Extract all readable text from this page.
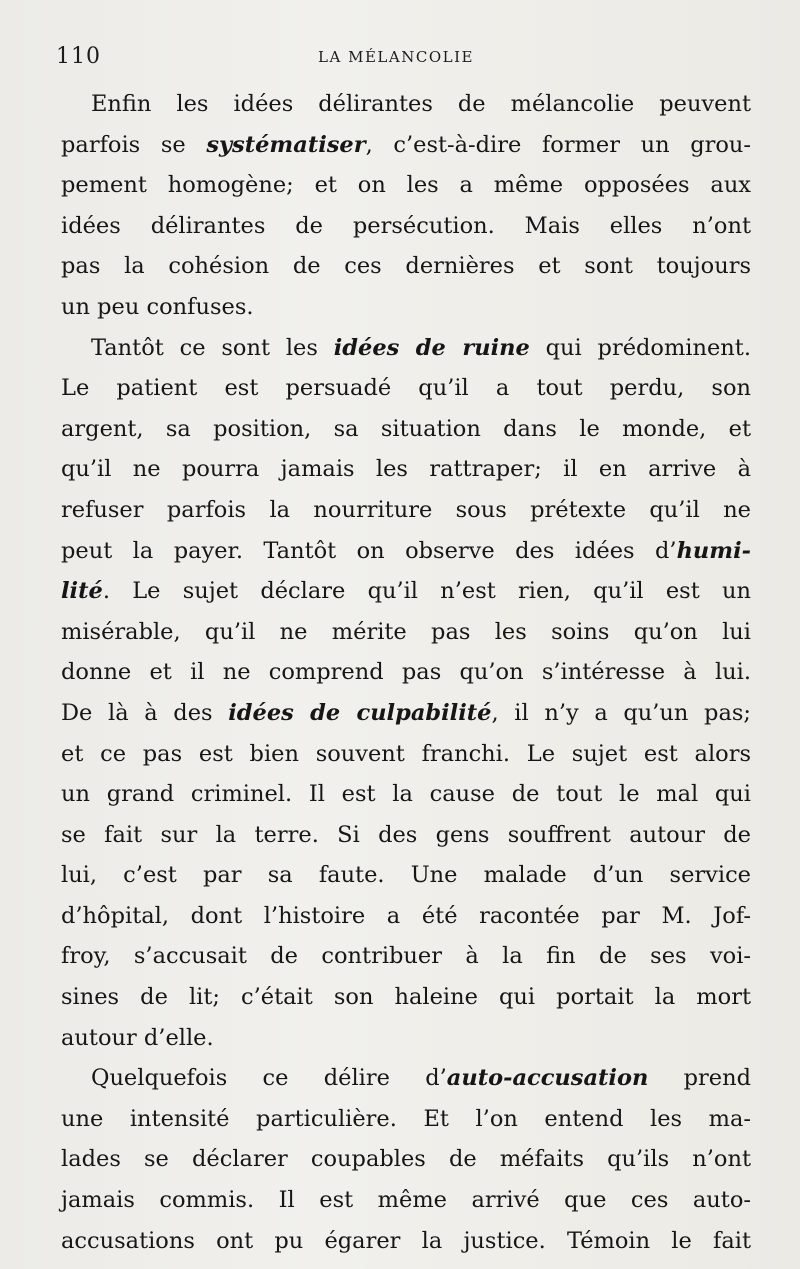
110	LA MÉLANCOLIE
Enfin les idées délirantes de mélancolie peuvent
parfois se systématiser, c’est-à-dire former un grou-
pement homogène; et on les a même opposées aux
idées délirantes de persécution. Mais elles n’ont
pas la cohésion de ces dernières et sont toujours
un peu confuses.
Tantôt ce sont les idées de ruine qui prédominent.
Le patient est persuadé qu’il a tout perdu, son
argent, sa position, sa situation dans le monde, et
qu’il ne pourra jamais les rattraper; il en arrive à
refuser parfois la nourriture sous prétexte qu’il ne
peut la payer. Tantôt on observe des idées d’humi-
lité. Le sujet déclare qu’il n’est rien, qu’il est un
misérable, qu’il ne mérite pas les soins qu’on lui
donne et il ne comprend pas qu’on s’intéresse à lui.
De là à des idées de culpabilité, il n’y a qu’un pas;
et ce pas est bien souvent franchi. Le sujet est alors
un grand criminel. Il est la cause de tout le mal qui
se fait sur la terre. Si des gens souffrent autour de
lui, c’est par sa faute. Une malade d’un service
d’hôpital, dont l’histoire a été racontée par M. Jof-
froy, s’accusait de contribuer à la fin de ses voi-
sines de lit; c’était son haleine qui portait la mort
autour d’elle.
Quelquefois ce délire d’auto-accusation prend
une intensité particulière. Et l’on entend les ma-
lades se déclarer coupables de méfaits qu’ils n’ont
jamais commis. Il est même arrivé que ces auto-
accusations ont pu égarer la justice. Témoin le fait
